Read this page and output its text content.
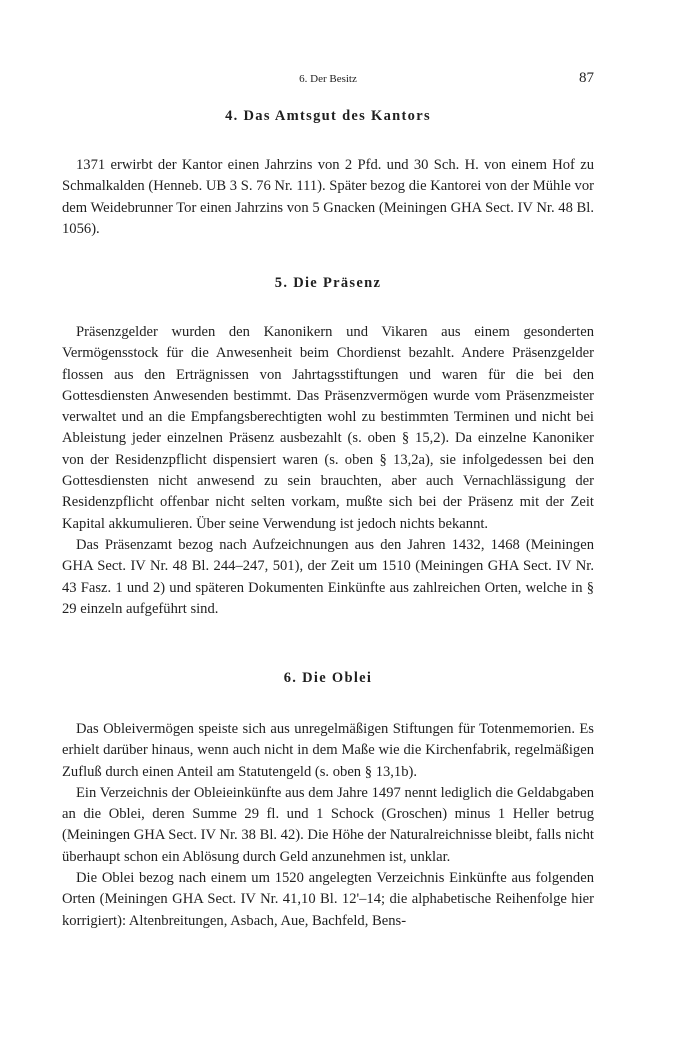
6. Der Besitz	87
4. Das Amtsgut des Kantors

1371 erwirbt der Kantor einen Jahrzins von 2 Pfd. und 30 Sch. H. von einem Hof zu Schmalkalden (Henneb. UB 3 S. 76 Nr. 111). Später bezog die Kantorei von der Mühle vor dem Weidebrunner Tor einen Jahrzins von 5 Gnacken (Meiningen GHA Sect. IV Nr. 48 Bl. 1056).

5. Die Präsenz

Präsenzgelder wurden den Kanonikern und Vikaren aus einem gesonderten Vermögensstock für die Anwesenheit beim Chordienst bezahlt. Andere Präsenzgelder flossen aus den Erträgnissen von Jahrtagsstiftungen und waren für die bei den Gottesdiensten Anwesenden bestimmt. Das Präsenzvermögen wurde vom Präsenzmeister verwaltet und an die Empfangsberechtigten wohl zu bestimmten Terminen und nicht bei Ableistung jeder einzelnen Präsenz ausbezahlt (s. oben § 15,2). Da einzelne Kanoniker von der Residenzpflicht dispensiert waren (s. oben § 13,2a), sie infolgedessen bei den Gottesdiensten nicht anwesend zu sein brauchten, aber auch Vernachlässigung der Residenzpflicht offenbar nicht selten vorkam, mußte sich bei der Präsenz mit der Zeit Kapital akkumulieren. Über seine Verwendung ist jedoch nichts bekannt.

Das Präsenzamt bezog nach Aufzeichnungen aus den Jahren 1432, 1468 (Meiningen GHA Sect. IV Nr. 48 Bl. 244–247, 501), der Zeit um 1510 (Meiningen GHA Sect. IV Nr. 43 Fasz. 1 und 2) und späteren Dokumenten Einkünfte aus zahlreichen Orten, welche in § 29 einzeln aufgeführt sind.

6. Die Oblei

Das Obleivermögen speiste sich aus unregelmäßigen Stiftungen für Totenmemorien. Es erhielt darüber hinaus, wenn auch nicht in dem Maße wie die Kirchenfabrik, regelmäßigen Zufluß durch einen Anteil am Statutengeld (s. oben § 13,1b).

Ein Verzeichnis der Obleieinkünfte aus dem Jahre 1497 nennt lediglich die Geldabgaben an die Oblei, deren Summe 29 fl. und 1 Schock (Groschen) minus 1 Heller betrug (Meiningen GHA Sect. IV Nr. 38 Bl. 42). Die Höhe der Naturalreichnisse bleibt, falls nicht überhaupt schon ein Ablösung durch Geld anzunehmen ist, unklar.

Die Oblei bezog nach einem um 1520 angelegten Verzeichnis Einkünfte aus folgenden Orten (Meiningen GHA Sect. IV Nr. 41,10 Bl. 12'–14; die alphabetische Reihenfolge hier korrigiert): Altenbreitungen, Asbach, Aue, Bachfeld, Bens-
